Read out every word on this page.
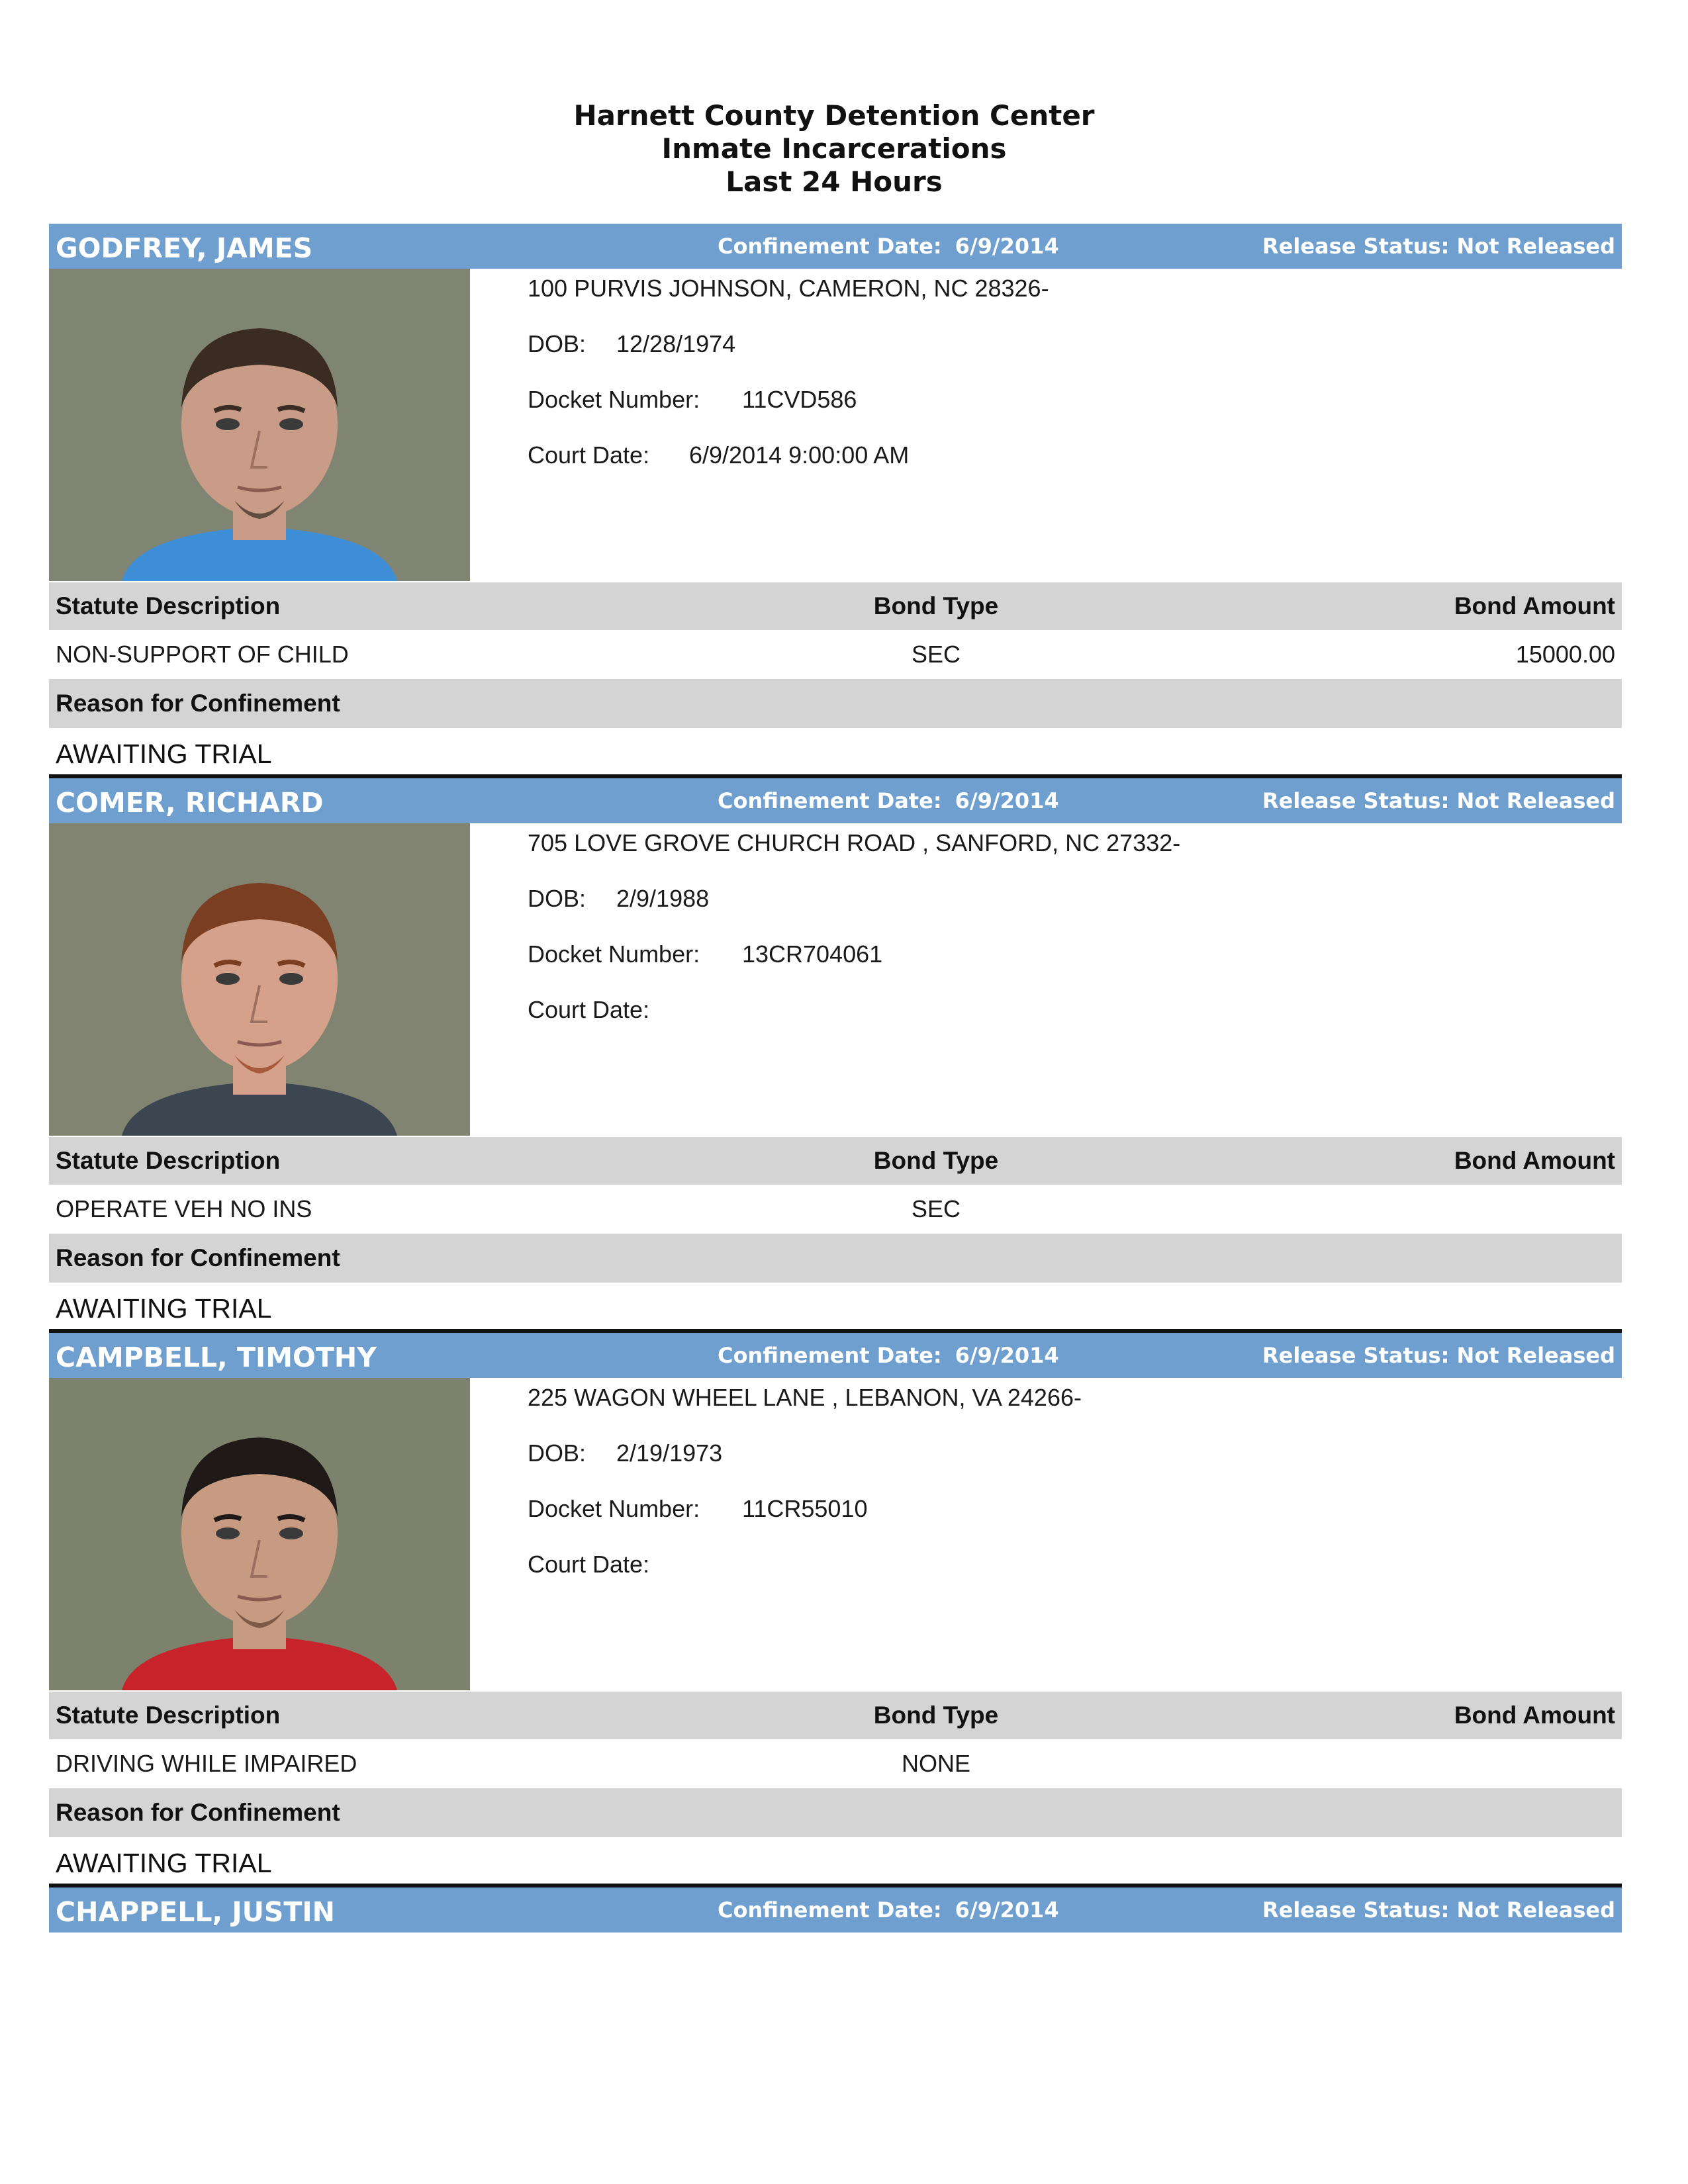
Harnett County Detention Center
Inmate Incarcerations
Last 24 Hours
GODFREY, JAMES	Confinement Date: 6/9/2014	Release Status: Not Released
100 PURVIS JOHNSON, CAMERON, NC 28326-
DOB: 12/28/1974
Docket Number: 11CVD586
Court Date: 6/9/2014 9:00:00 AM
Statute Description	Bond Type	Bond Amount
NON-SUPPORT OF CHILD	SEC	15000.00
Reason for Confinement
AWAITING TRIAL
COMER, RICHARD	Confinement Date: 6/9/2014	Release Status: Not Released
705 LOVE GROVE CHURCH ROAD , SANFORD, NC 27332-
DOB: 2/9/1988
Docket Number: 13CR704061
Court Date:
Statute Description	Bond Type	Bond Amount
OPERATE VEH NO INS	SEC
Reason for Confinement
AWAITING TRIAL
CAMPBELL, TIMOTHY	Confinement Date: 6/9/2014	Release Status: Not Released
225 WAGON WHEEL LANE , LEBANON, VA 24266-
DOB: 2/19/1973
Docket Number: 11CR55010
Court Date:
Statute Description	Bond Type	Bond Amount
DRIVING WHILE IMPAIRED	NONE
Reason for Confinement
AWAITING TRIAL
CHAPPELL, JUSTIN	Confinement Date: 6/9/2014	Release Status: Not Released
